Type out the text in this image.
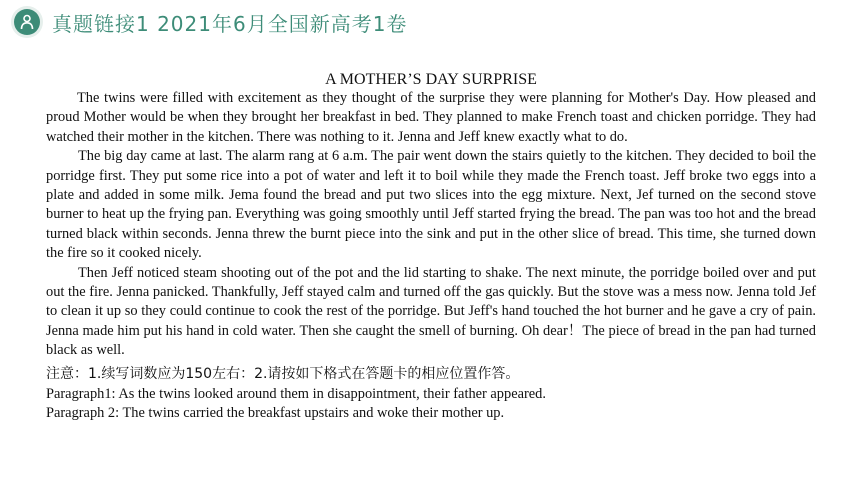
真题链接1 2021年6月全国新高考1卷

A MOTHER’S DAY SURPRISE

The twins were filled with excitement as they thought of the surprise they were planning for Mother's Day. How pleased and proud Mother would be when they brought her breakfast in bed. They planned to make French toast and chicken porridge. They had watched their mother in the kitchen. There was nothing to it. Jenna and Jeff knew exactly what to do.

The big day came at last. The alarm rang at 6 a.m. The pair went down the stairs quietly to the kitchen. They decided to boil the porridge first. They put some rice into a pot of water and left it to boil while they made the French toast. Jeff broke two eggs into a plate and added in some milk. Jema found the bread and put two slices into the egg mixture. Next, Jef turned on the second stove burner to heat up the frying pan. Everything was going smoothly until Jeff started frying the bread. The pan was too hot and the bread turned black within seconds. Jenna threw the burnt piece into the sink and put in the other slice of bread. This time, she turned down the fire so it cooked nicely.

Then Jeff noticed steam shooting out of the pot and the lid starting to shake. The next minute, the porridge boiled over and put out the fire. Jenna panicked. Thankfully, Jeff stayed calm and turned off the gas quickly. But the stove was a mess now. Jenna told Jef to clean it up so they could continue to cook the rest of the porridge. But Jeff's hand touched the hot burner and he gave a cry of pain. Jenna made him put his hand in cold water. Then she caught the smell of burning. Oh dear！The piece of bread in the pan had turned black as well.

注意：1.续写词数应为150左右：2.请按如下格式在答题卡的相应位置作答。

Paragraph1: As the twins looked around them in disappointment, their father appeared.

Paragraph 2: The twins carried the breakfast upstairs and woke their mother up.
